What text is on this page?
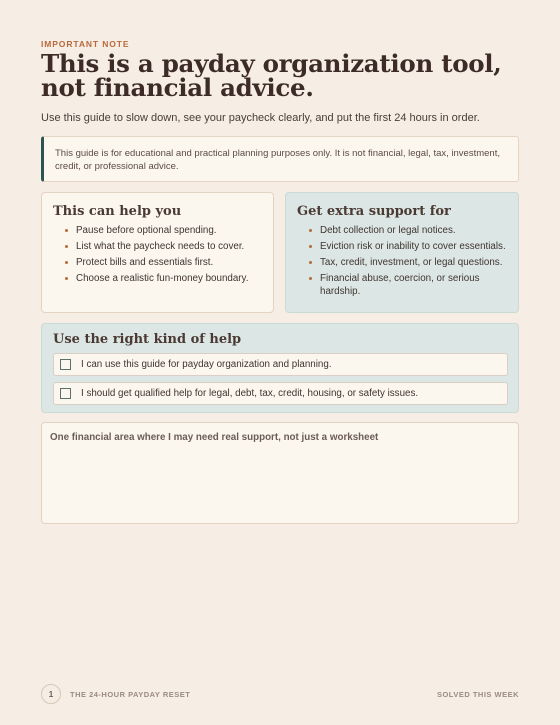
IMPORTANT NOTE
This is a payday organization tool, not financial advice.

Use this guide to slow down, see your paycheck clearly, and put the first 24 hours in order.

This guide is for educational and practical planning purposes only. It is not financial, legal, tax, investment, credit, or professional advice.
This can help you
Pause before optional spending.
List what the paycheck needs to cover.
Protect bills and essentials first.
Choose a realistic fun-money boundary.
Get extra support for
Debt collection or legal notices.
Eviction risk or inability to cover essentials.
Tax, credit, investment, or legal questions.
Financial abuse, coercion, or serious hardship.
Use the right kind of help
I can use this guide for payday organization and planning.
I should get qualified help for legal, debt, tax, credit, housing, or safety issues.
One financial area where I may need real support, not just a worksheet
1	THE 24-HOUR PAYDAY RESET	SOLVED THIS WEEK
